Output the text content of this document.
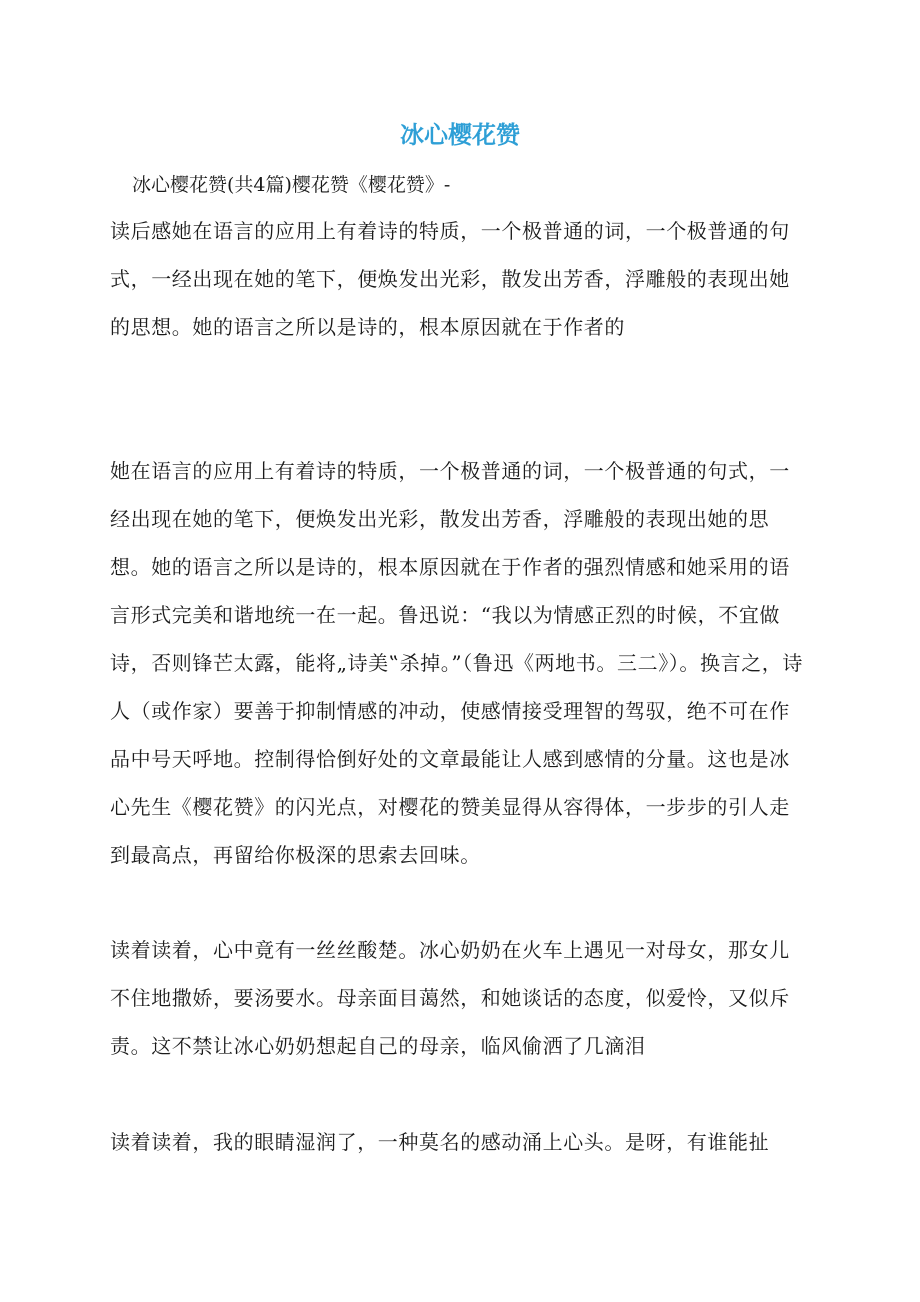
冰心樱花赞
冰心樱花赞(共4篇)樱花赞《樱花赞》-

读后感她在语言的应用上有着诗的特质，一个极普通的词，一个极普通的句式，一经出现在她的笔下，便焕发出光彩，散发出芳香，浮雕般的表现出她的思想。她的语言之所以是诗的，根本原因就在于作者的

她在语言的应用上有着诗的特质，一个极普通的词，一个极普通的句式，一经出现在她的笔下，便焕发出光彩，散发出芳香，浮雕般的表现出她的思想。她的语言之所以是诗的，根本原因就在于作者的强烈情感和她采用的语言形式完美和谐地统一在一起。鲁迅说：“我以为情感正烈的时候，不宜做诗，否则锋芒太露，能将„诗美‟杀掉。”（鲁迅《两地书。三二》）。换言之，诗人（或作家）要善于抑制情感的冲动，使感情接受理智的驾驭，绝不可在作品中号天呼地。控制得恰倒好处的文章最能让人感到感情的分量。这也是冰心先生《樱花赞》的闪光点，对樱花的赞美显得从容得体，一步步的引人走到最高点，再留给你极深的思索去回味。

读着读着，心中竟有一丝丝酸楚。冰心奶奶在火车上遇见一对母女，那女儿不住地撒娇，要汤要水。母亲面目蔼然，和她谈话的态度，似爱怜，又似斥责。这不禁让冰心奶奶想起自己的母亲，临风偷洒了几滴泪

读着读着，我的眼睛湿润了，一种莫名的感动涌上心头。是呀，有谁能扯
